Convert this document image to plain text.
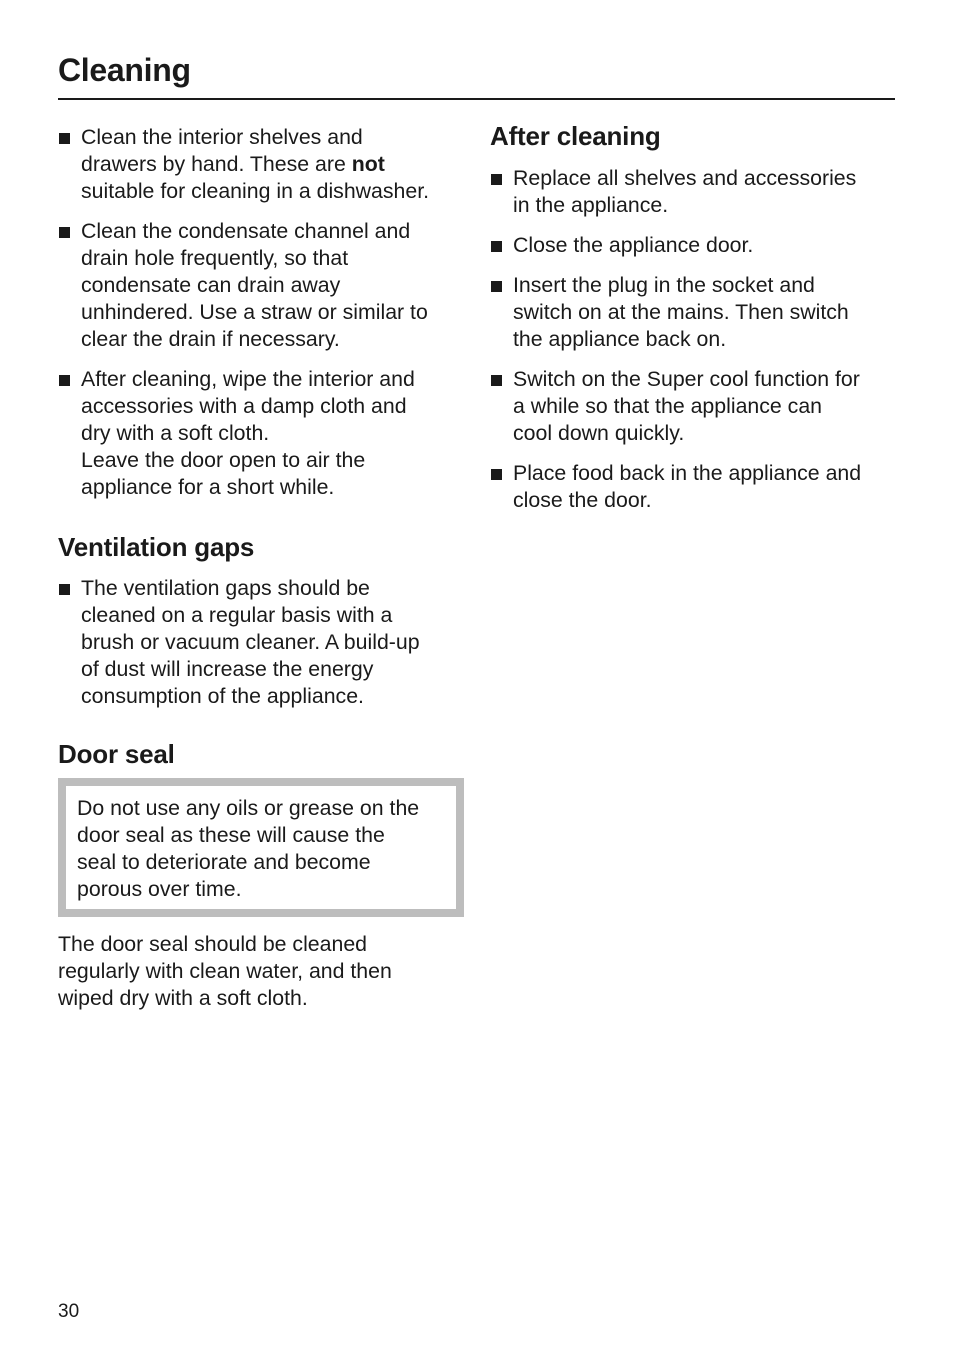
Cleaning
Clean the interior shelves and
drawers by hand. These are not
suitable for cleaning in a dishwasher.
Clean the condensate channel and
drain hole frequently, so that
condensate can drain away
unhindered. Use a straw or similar to
clear the drain if necessary.
After cleaning, wipe the interior and
accessories with a damp cloth and
dry with a soft cloth.
Leave the door open to air the
appliance for a short while.
Ventilation gaps
The ventilation gaps should be
cleaned on a regular basis with a
brush or vacuum cleaner. A build-up
of dust will increase the energy
consumption of the appliance.
Door seal
Do not use any oils or grease on the
door seal as these will cause the
seal to deteriorate and become
porous over time.

The door seal should be cleaned
regularly with clean water, and then
wiped dry with a soft cloth.

After cleaning
Replace all shelves and accessories
in the appliance.
Close the appliance door.
Insert the plug in the socket and
switch on at the mains. Then switch
the appliance back on.
Switch on the Super cool function for
a while so that the appliance can
cool down quickly.
Place food back in the appliance and
close the door.
30
